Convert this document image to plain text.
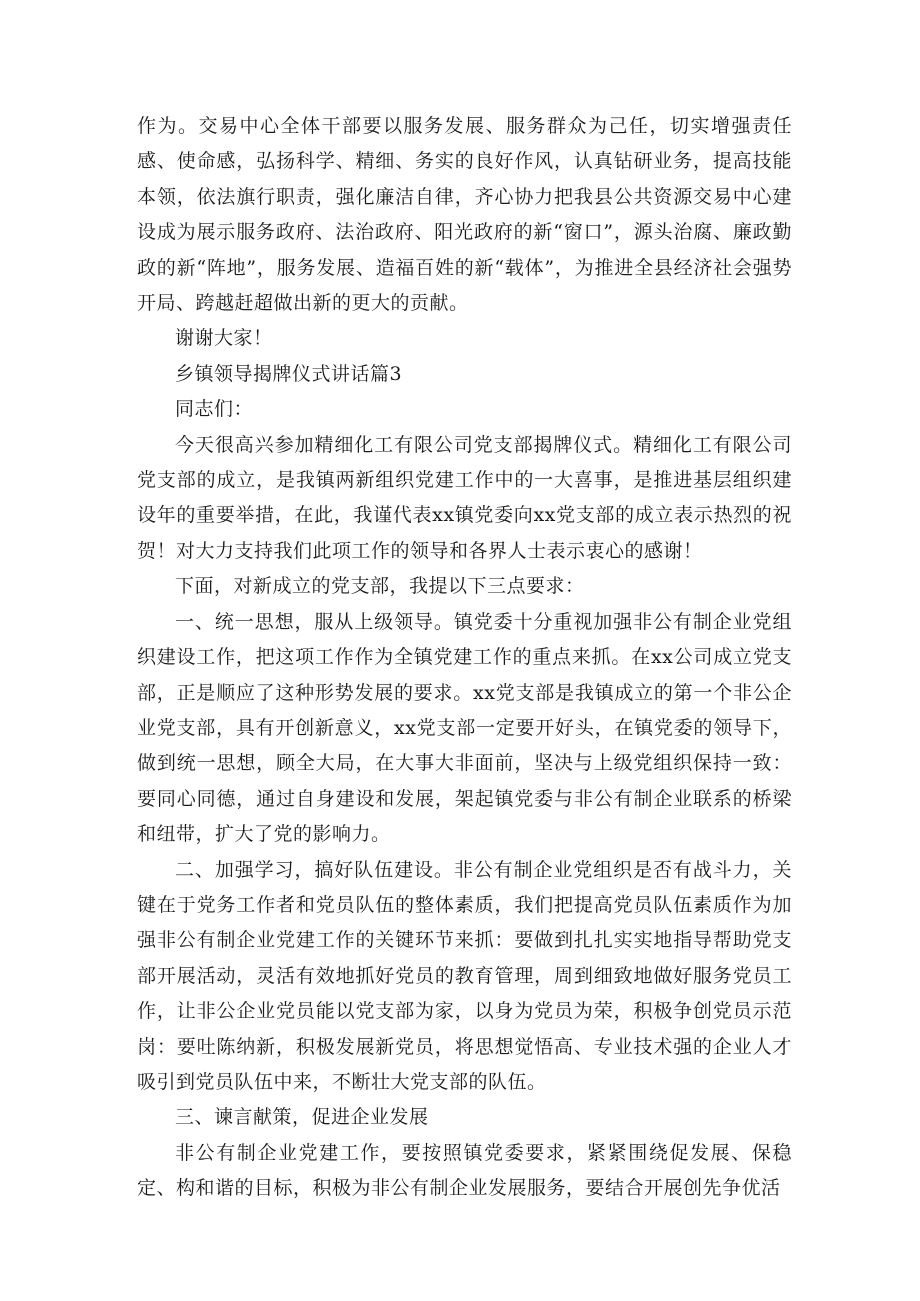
作为。交易中心全体干部要以服务发展、服务群众为己任，切实增强责任感、使命感，弘扬科学、精细、务实的良好作风，认真钻研业务，提高技能本领，依法旗行职责，强化廉洁自律，齐心协力把我县公共资源交易中心建设成为展示服务政府、法治政府、阳光政府的新“窗口”，源头治腐、廉政勤政的新“阵地”，服务发展、造福百姓的新“载体”，为推进全县经济社会强势开局、跨越赶超做出新的更大的贡献。

谢谢大家！

乡镇领导揭牌仪式讲话篇3

同志们：

今天很高兴参加精细化工有限公司党支部揭牌仪式。精细化工有限公司党支部的成立，是我镇两新组织党建工作中的一大喜事，是推进基层组织建设年的重要举措，在此，我谨代表xx镇党委向xx党支部的成立表示热烈的祝贺！对大力支持我们此项工作的领导和各界人士表示衷心的感谢！

下面，对新成立的党支部，我提以下三点要求：

一、统一思想，服从上级领导。镇党委十分重视加强非公有制企业党组织建设工作，把这项工作作为全镇党建工作的重点来抓。在xx公司成立党支部，正是顺应了这种形势发展的要求。xx党支部是我镇成立的第一个非公企业党支部，具有开创新意义，xx党支部一定要开好头，在镇党委的领导下，做到统一思想，顾全大局，在大事大非面前，坚决与上级党组织保持一致：要同心同德，通过自身建设和发展，架起镇党委与非公有制企业联系的桥梁和纽带，扩大了党的影响力。

二、加强学习，搞好队伍建设。非公有制企业党组织是否有战斗力，关键在于党务工作者和党员队伍的整体素质，我们把提高党员队伍素质作为加强非公有制企业党建工作的关键环节来抓：要做到扎扎实实地指导帮助党支部开展活动，灵活有效地抓好党员的教育管理，周到细致地做好服务党员工作，让非公企业党员能以党支部为家，以身为党员为荣，积极争创党员示范岗：要吐陈纳新，积极发展新党员，将思想觉悟高、专业技术强的企业人才吸引到党员队伍中来，不断壮大党支部的队伍。

三、谏言献策，促进企业发展

非公有制企业党建工作，要按照镇党委要求，紧紧围绕促发展、保稳定、构和谐的目标，积极为非公有制企业发展服务，要结合开展创先争优活
